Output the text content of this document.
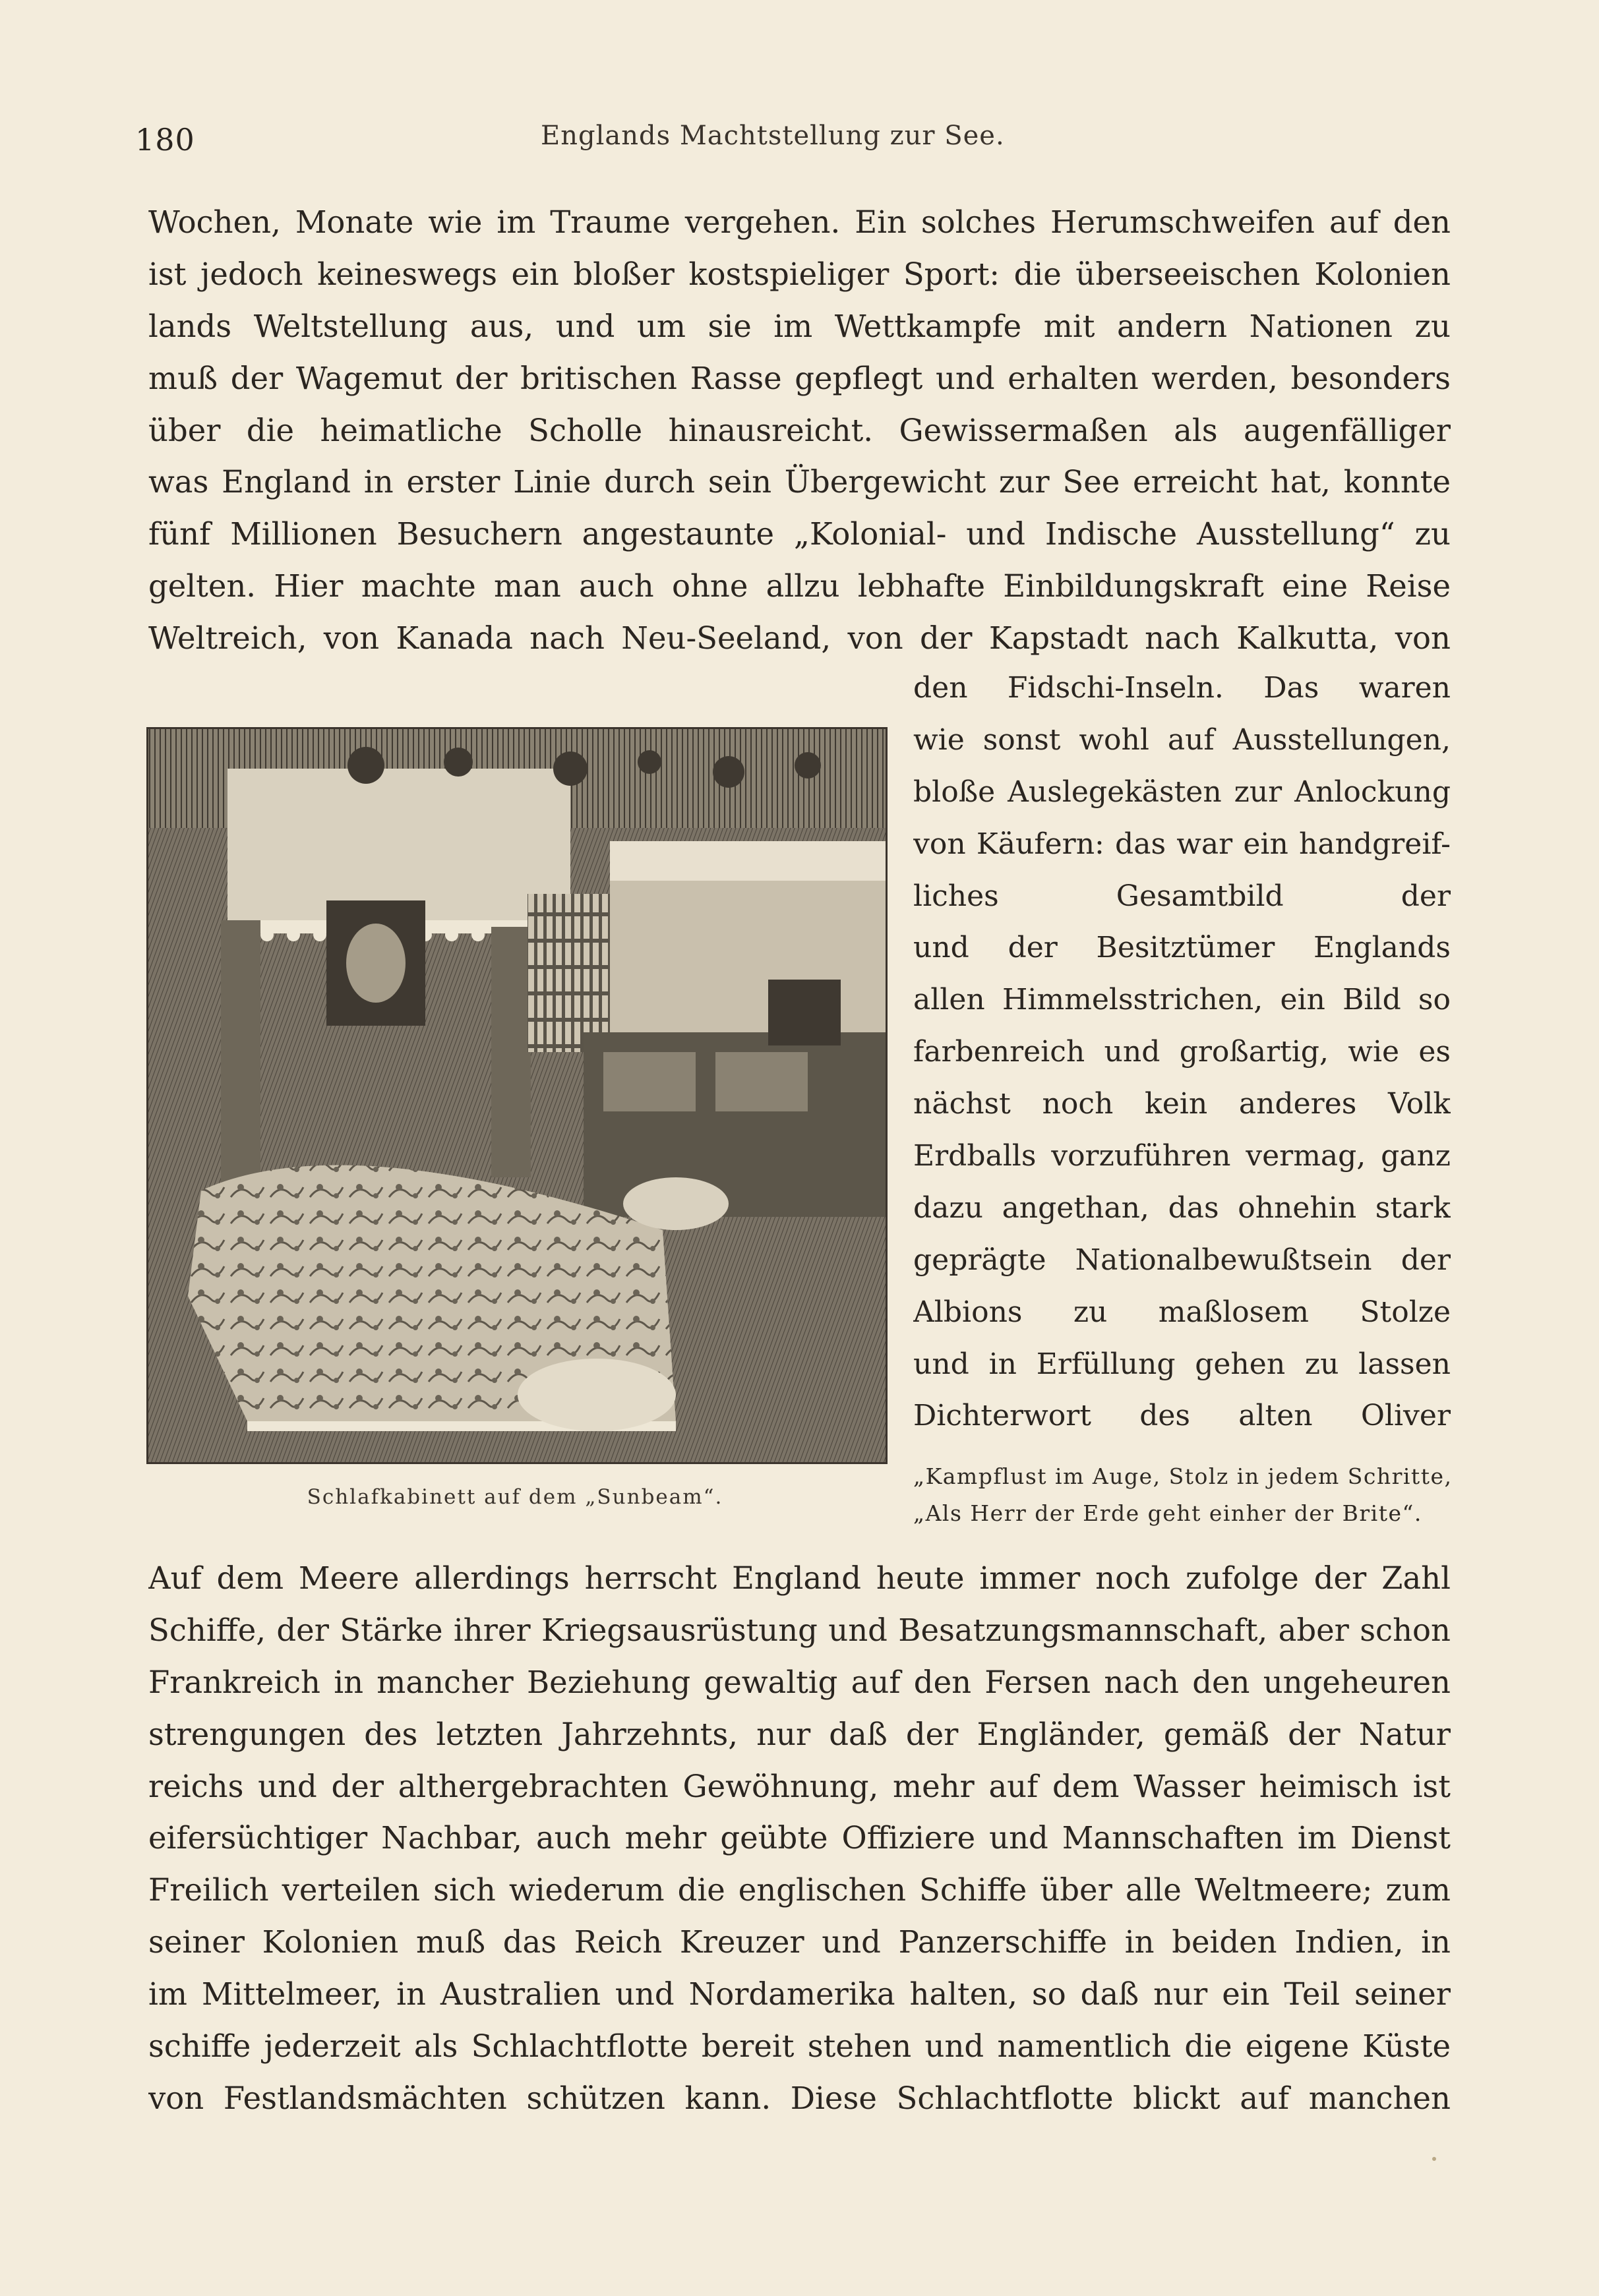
180	Englands Machtstellung zur See.
Wochen, Monate wie im Traume vergehen. Ein solches Herumschweifen auf den
ist jedoch keineswegs ein bloßer kostspieliger Sport: die überseeischen Kolonien
lands Weltstellung aus, und um sie im Wettkampfe mit andern Nationen zu
muß der Wagemut der britischen Rasse gepflegt und erhalten werden, besonders
über die heimatliche Scholle hinausreicht. Gewissermaßen als augenfälliger
was England in erster Linie durch sein Übergewicht zur See erreicht hat, konnte
fünf Millionen Besuchern angestaunte „Kolonial- und Indische Ausstellung“ zu
gelten. Hier machte man auch ohne allzu lebhafte Einbildungskraft eine Reise
Weltreich, von Kanada nach Neu-Seeland, von der Kapstadt nach Kalkutta, von
den Fidschi-Inseln. Das waren
wie sonst wohl auf Ausstellungen,
bloße Auslegekästen zur Anlockung
von Käufern: das war ein handgreif-
liches Gesamtbild der
und der Besitztümer Englands
allen Himmelsstrichen, ein Bild so
farbenreich und großartig, wie es
nächst noch kein anderes Volk
Erdballs vorzuführen vermag, ganz
dazu angethan, das ohnehin stark
geprägte Nationalbewußtsein der
Albions zu maßlosem Stolze
und in Erfüllung gehen zu lassen
Dichterwort des alten Oliver
Schlafkabinett auf dem „Sunbeam“.
„Kampflust im Auge, Stolz in jedem Schritte,
„Als Herr der Erde geht einher der Brite“.
Auf dem Meere allerdings herrscht England heute immer noch zufolge der Zahl
Schiffe, der Stärke ihrer Kriegsausrüstung und Besatzungsmannschaft, aber schon
Frankreich in mancher Beziehung gewaltig auf den Fersen nach den ungeheuren
strengungen des letzten Jahrzehnts, nur daß der Engländer, gemäß der Natur
reichs und der althergebrachten Gewöhnung, mehr auf dem Wasser heimisch ist
eifersüchtiger Nachbar, auch mehr geübte Offiziere und Mannschaften im Dienst
Freilich verteilen sich wiederum die englischen Schiffe über alle Weltmeere; zum
seiner Kolonien muß das Reich Kreuzer und Panzerschiffe in beiden Indien, in
im Mittelmeer, in Australien und Nordamerika halten, so daß nur ein Teil seiner
schiffe jederzeit als Schlachtflotte bereit stehen und namentlich die eigene Küste
von Festlandsmächten schützen kann. Diese Schlachtflotte blickt auf manchen
